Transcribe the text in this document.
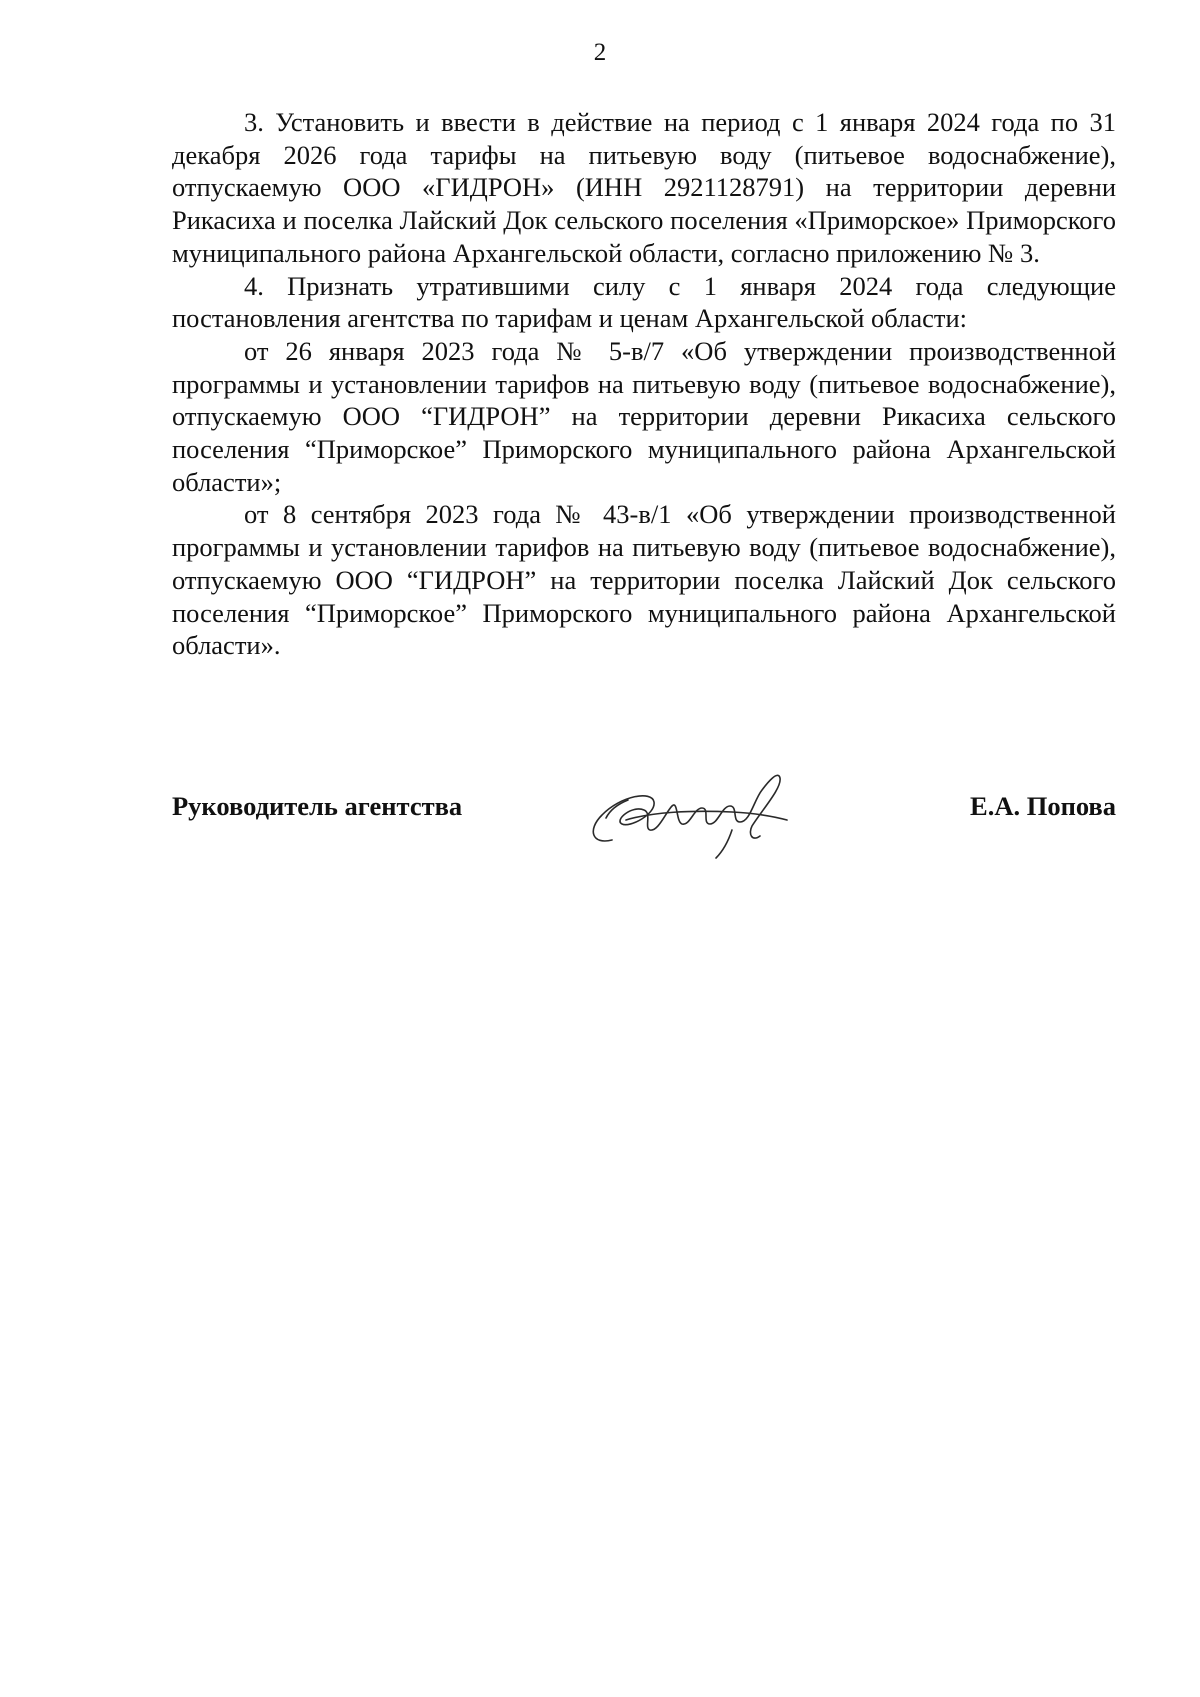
2

3. Установить и ввести в действие на период с 1 января 2024 года по 31 декабря 2026 года тарифы на питьевую воду (питьевое водоснабжение), отпускаемую ООО «ГИДРОН» (ИНН 2921128791) на территории деревни Рикасиха и поселка Лайский Док сельского поселения «Приморское» Приморского муниципального района Архангельской области, согласно приложению № 3.

4. Признать утратившими силу с 1 января 2024 года следующие постановления агентства по тарифам и ценам Архангельской области:

от 26 января 2023 года № 5-в/7 «Об утверждении производственной программы и установлении тарифов на питьевую воду (питьевое водоснабжение), отпускаемую ООО “ГИДРОН” на территории деревни Рикасиха сельского поселения “Приморское” Приморского муниципального района Архангельской области»;

от 8 сентября 2023 года № 43-в/1 «Об утверждении производственной программы и установлении тарифов на питьевую воду (питьевое водоснабжение), отпускаемую ООО “ГИДРОН” на территории поселка Лайский Док сельского поселения “Приморское” Приморского муниципального района Архангельской области».

Руководитель агентства	Е.А. Попова
